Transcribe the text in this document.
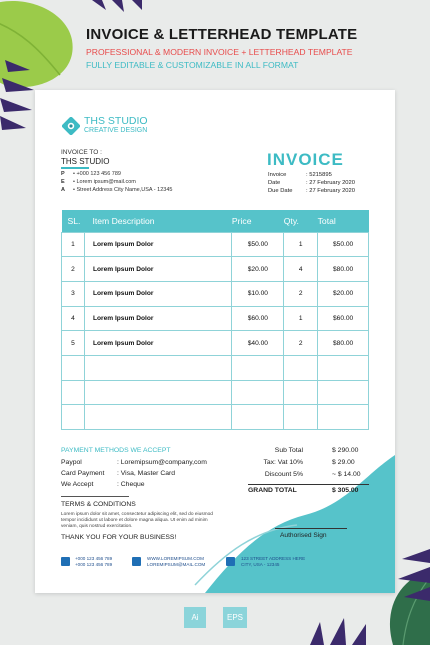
INVOICE & LETTERHEAD TEMPLATE
PROFESSIONAL & MODERN INVOICE + LETTERHEAD TEMPLATE
FULLY EDITABLE & CUSTOMIZABLE IN ALL FORMAT
THS STUDIO
CREATIVE DESIGN
INVOICE TO :
THS STUDIO
P • +000 123 456 789
E • Lorem ipsum@mail.com
A • Street Address City Name,USA - 12345
INVOICE
Invoice	: 5215895
Date	: 27 February 2020
Due Date : 27 February 2020
SL.	Item Description	Price	Qty.	Total
1	Lorem Ipsum Dolor	$50.00	1	$50.00
2	Lorem Ipsum Dolor	$20.00	4	$80.00
3	Lorem Ipsum Dolor	$10.00	2	$20.00
4	Lorem Ipsum Dolor	$60.00	1	$60.00
5	Lorem Ipsum Dolor	$40.00	2	$80.00

PAYMENT METHODS WE ACCEPT
Paypol	: Loremipsum@company,com
Card Payment : Visa, Master Card
We Accept	: Cheque
Sub Total	$ 290.00
Tax: Vat 10%	$ 29.00
Discount 5%	~ $ 14.00
GRAND TOTAL	$ 305.00
TERMS & CONDITIONS
Lorem ipsum dolor sit amet, consectetur adipiscing elit, sed do eiusmod tempor incididunt ut labore et dolore magna aliqua. Ut enim ad minim veniam, quis nostrud exercitation.
THANK YOU FOR YOUR BUSINESS!	Authorised Sign
+000 123 456 789
+000 123 456 789
WWW.LOREMIPSUM.COM
LOREMIPSUM@MAIL.COM
123 STREET ADDRESS HERE
CITY, USA - 12345
Ai	EPS
